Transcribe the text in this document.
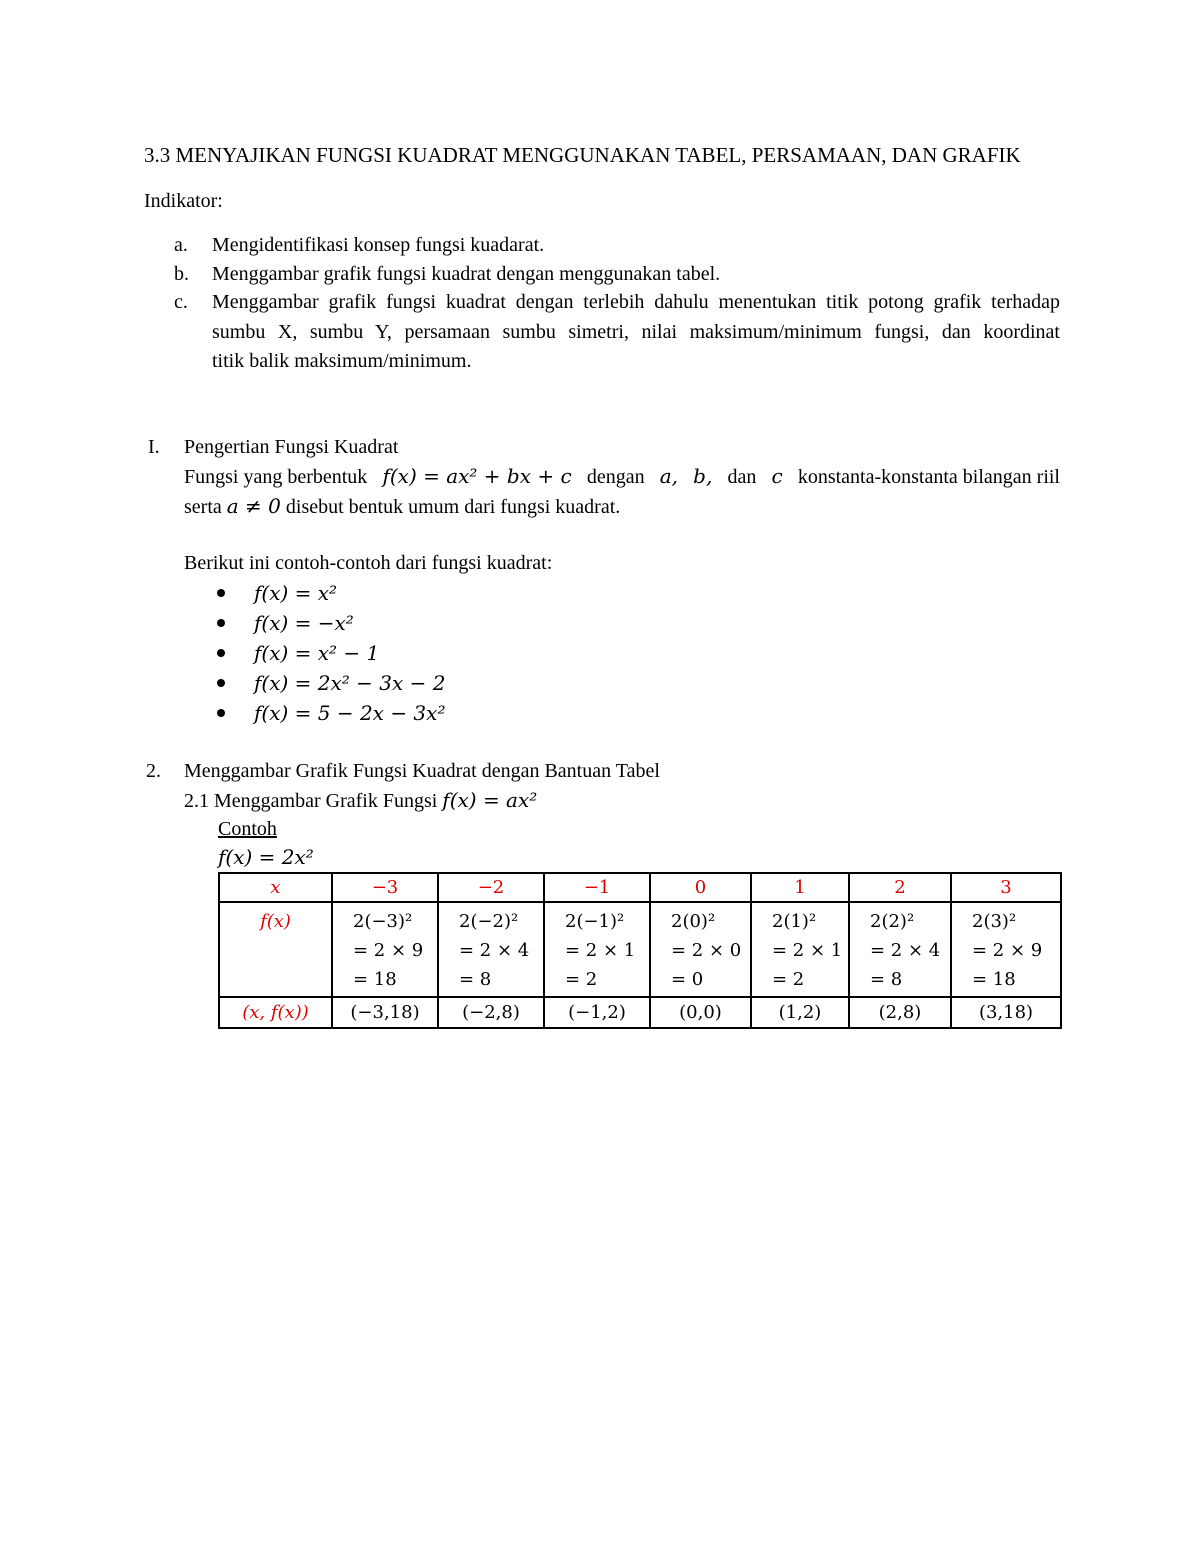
3.3 MENYAJIKAN FUNGSI KUADRAT MENGGUNAKAN TABEL, PERSAMAAN, DAN GRAFIK
Indikator:
a. Mengidentifikasi konsep fungsi kuadarat.
b. Menggambar grafik fungsi kuadrat dengan menggunakan tabel.
c. Menggambar grafik fungsi kuadrat dengan terlebih dahulu menentukan titik potong grafik terhadap
sumbu X, sumbu Y, persamaan sumbu simetri, nilai maksimum/minimum fungsi, dan koordinat
titik balik maksimum/minimum.
I. Pengertian Fungsi Kuadrat
Fungsi yang berbentuk f(x) = ax² + bx + c dengan a, b, dan c konstanta-konstanta bilangan riil
serta a ≠ 0 disebut bentuk umum dari fungsi kuadrat.
Berikut ini contoh-contoh dari fungsi kuadrat:
f(x) = x²
f(x) = −x²
f(x) = x² − 1
f(x) = 2x² − 3x − 2
f(x) = 5 − 2x − 3x²
2. Menggambar Grafik Fungsi Kuadrat dengan Bantuan Tabel
2.1 Menggambar Grafik Fungsi f(x) = ax²
Contoh
f(x) = 2x²
x	−3	−2	−1	0	1	2	3
f(x)	2(−3)²
= 2 × 9
= 18	2(−2)²
= 2 × 4
= 8	2(−1)²
= 2 × 1
= 2	2(0)²
= 2 × 0
= 0	2(1)²
= 2 × 1
= 2	2(2)²
= 2 × 4
= 8	2(3)²
= 2 × 9
= 18

(x, f(x))	(−3,18)	(−2,8)	(−1,2)	(0,0)	(1,2)	(2,8)	(3,18)
